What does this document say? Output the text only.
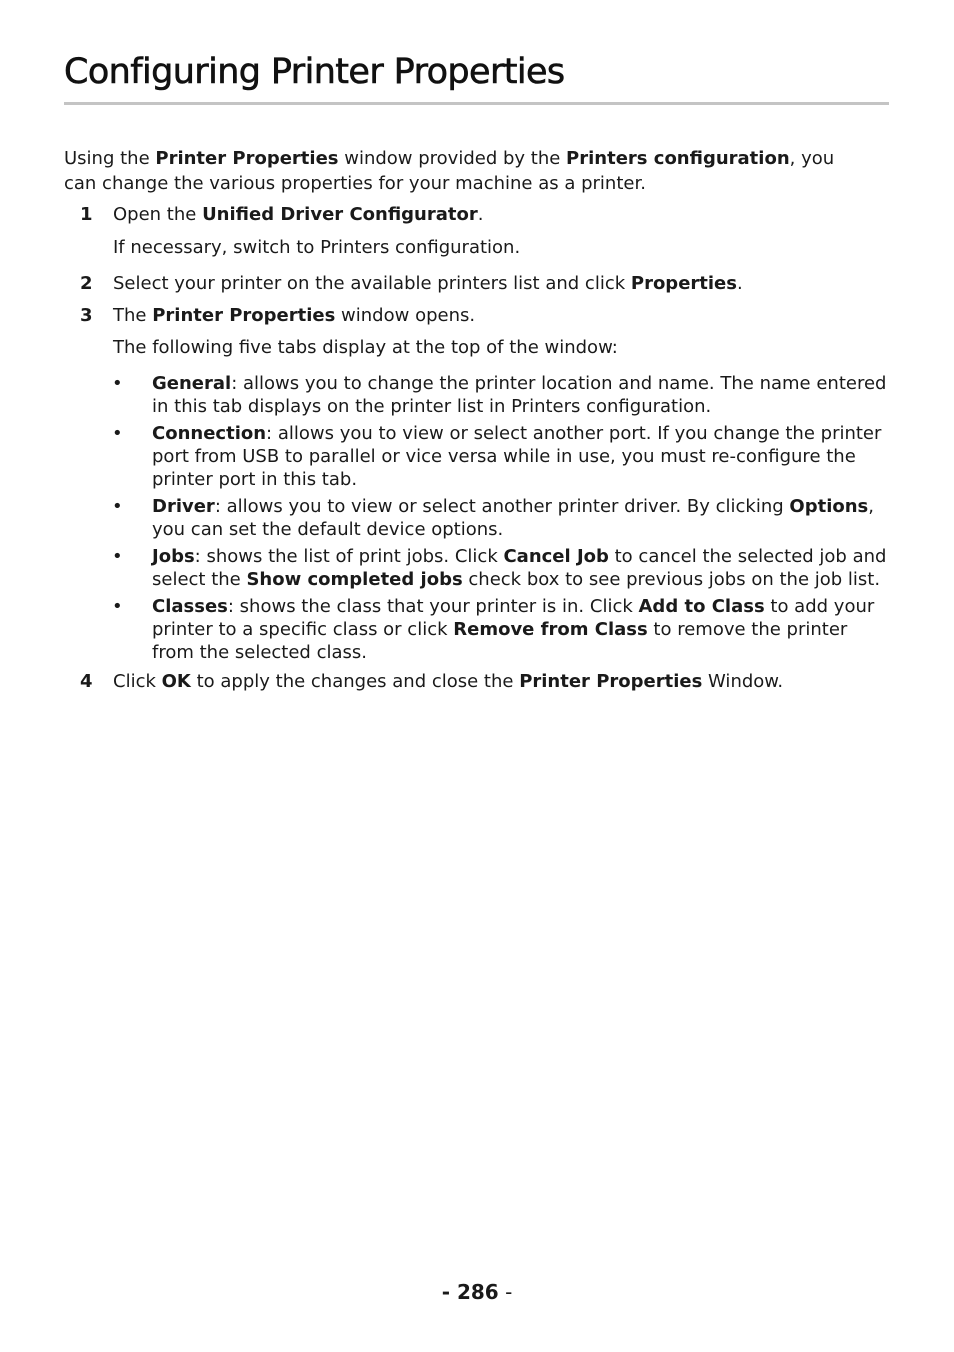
Configuring Printer Properties

Using the Printer Properties window provided by the Printers configuration, you can change the various properties for your machine as a printer.

1 Open the Unified Driver Configurator.
If necessary, switch to Printers configuration.
2 Select your printer on the available printers list and click Properties.
3 The Printer Properties window opens.
The following five tabs display at the top of the window:
• General: allows you to change the printer location and name. The name entered in this tab displays on the printer list in Printers configuration.
• Connection: allows you to view or select another port. If you change the printer port from USB to parallel or vice versa while in use, you must re-configure the printer port in this tab.
• Driver: allows you to view or select another printer driver. By clicking Options, you can set the default device options.
• Jobs: shows the list of print jobs. Click Cancel Job to cancel the selected job and select the Show completed jobs check box to see previous jobs on the job list.
• Classes: shows the class that your printer is in. Click Add to Class to add your printer to a specific class or click Remove from Class to remove the printer from the selected class.
4 Click OK to apply the changes and close the Printer Properties Window.
- 286 -
